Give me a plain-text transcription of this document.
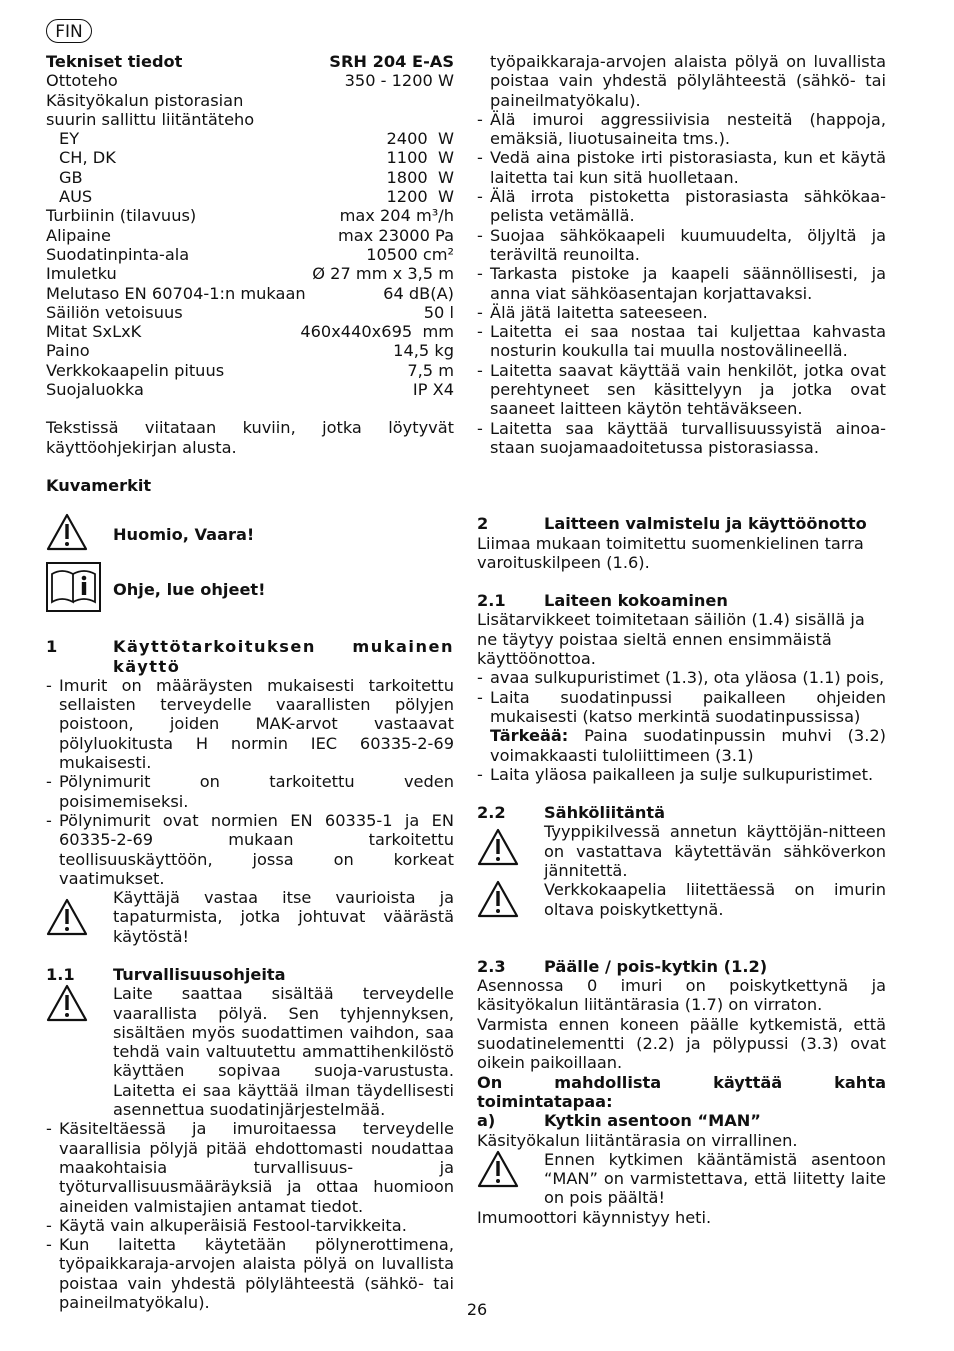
FIN
Tekniset tiedot	SRH 204 E-AS
Ottoteho	350 - 1200 W
Käsityökalun pistorasian
suurin sallittu liitäntäteho
EY	2400  W
CH, DK	1100  W
GB	1800  W
AUS	1200  W
Turbiinin (tilavuus)	max 204 m³/h
Alipaine	max 23000 Pa
Suodatinpinta-ala	10500 cm²
Imuletku	Ø 27 mm x 3,5 m
Melutaso EN 60704-1:n mukaan	64 dB(A)
Säiliön vetoisuus	50 l
Mitat SxLxK	460x440x695  mm
Paino	14,5 kg
Verkkokaapelin pituus	7,5 m
Suojaluokka	IP X4

Tekstissä viitataan kuviin, jotka löytyvät käyttöohjekirjan alusta.

Kuvamerkit

Huomio, Vaara!
Ohje, lue ohjeet!
1	Käyttötarkoituksen mukainen käyttö
- Imurit on määräysten mukaisesti tarkoitettu sellaisten terveydelle vaarallisten pölyjen poistoon, joiden MAK-arvot vastaavat pölyluokitusta H normin IEC 60335-2-69 mukaisesti.
- Pölynimurit on tarkoitettu veden poisimemiseksi.
- Pölynimurit ovat normien EN 60335-1 ja EN 60335-2-69 mukaan tarkoitettu teollisuuskäyttöön, jossa on korkeat vaatimukset.

Käyttäjä vastaa itse vaurioista ja tapaturmista, jotka johtuvat väärästä käytöstä!

1.1	Turvallisuusohjeita

Laite saattaa sisältää terveydelle vaarallista pölyä. Sen tyhjennyksen, sisältäen myös suodattimen vaihdon, saa tehdä vain valtuutettu ammattihenkilöstö käyttäen sopivaa suoja-varustusta. Laitetta ei saa käyttää ilman täydellisesti asennettua suodatinjärjestelmää.

- Käsiteltäessä ja imuroitaessa terveydelle vaarallisia pölyjä pitää ehdottomasti noudattaa maakohtaisia turvallisuus- ja työturvallisuusmääräyksiä ja ottaa huomioon aineiden valmistajien antamat tiedot.
- Käytä vain alkuperäisiä Festool-tarvikkeita.
- Kun laitetta käytetään pölynerottimena, työpaikkaraja-arvojen alaista pölyä on luvallista poistaa vain yhdestä pölylähteestä (sähkö- tai paineilmatyökalu).
työpaikkaraja-arvojen alaista pölyä on luvallista poistaa vain yhdestä pölylähteestä (sähkö- tai paineilmatyökalu).
- Älä imuroi aggressiivisia nesteitä (happoja, emäksiä, liuotusaineita tms.).
- Vedä aina pistoke irti pistorasiasta, kun et käytä laitetta tai kun sitä huolletaan.
- Älä irrota pistoketta pistorasiasta sähkökaa-pelista vetämällä.
- Suojaa sähkökaapeli kuumuudelta, öljyltä ja teräviltä reunoilta.
- Tarkasta pistoke ja kaapeli säännöllisesti, ja anna viat sähköasentajan korjattavaksi.
- Älä jätä laitetta sateeseen.
- Laitetta ei saa nostaa tai kuljettaa kahvasta nosturin koukulla tai muulla nostovälineellä.
- Laitetta saavat käyttää vain henkilöt, jotka ovat perehtyneet sen käsittelyyn ja jotka ovat saaneet laitteen käytön tehtäväkseen.
- Laitetta saa käyttää turvallisuussyistä ainoa-staan suojamaadoitetussa pistorasiassa.
2	Laitteen valmistelu ja käyttöönotto

Liimaa mukaan toimitettu suomenkielinen tarra varoituskilpeen (1.6).

2.1	Laiteen kokoaminen

Lisätarvikkeet toimitetaan säiliön (1.4) sisällä ja ne täytyy poistaa sieltä ennen ensimmäistä käyttöönottoa.

- avaa sulkupuristimet (1.3), ota yläosa (1.1) pois,
- Laita suodatinpussi paikalleen ohjeiden mukaisesti (katso merkintä suodatinpussissa)
Tärkeää: Paina suodatinpussin muhvi (3.2) voimakkaasti tuloliittimeen (3.1)
- Laita yläosa paikalleen ja sulje sulkupuristimet.
2.2	Sähköliitäntä

Tyyppikilvessä annetun käyttöjän-nitteen on vastattava käytettävän sähköverkon jännitettä.

Verkkokaapelia liitettäessä on imurin oltava poiskytkettynä.

2.3	Päälle / pois-kytkin (1.2)

Asennossa 0 imuri on poiskytkettynä ja käsityökalun liitäntärasia (1.7) on virraton.

Varmista ennen koneen päälle kytkemistä, että suodatinelementti (2.2) ja pölypussi (3.3) ovat oikein paikoillaan.

On mahdollista käyttää kahta toimintatapaa:

a)	Kytkin asentoon “MAN”

Käsityökalun liitäntärasia on virrallinen.

Ennen kytkimen kääntämistä asentoon “MAN” on varmistettava, että liitetty laite on pois päältä!

Imumoottori käynnistyy heti.

26
